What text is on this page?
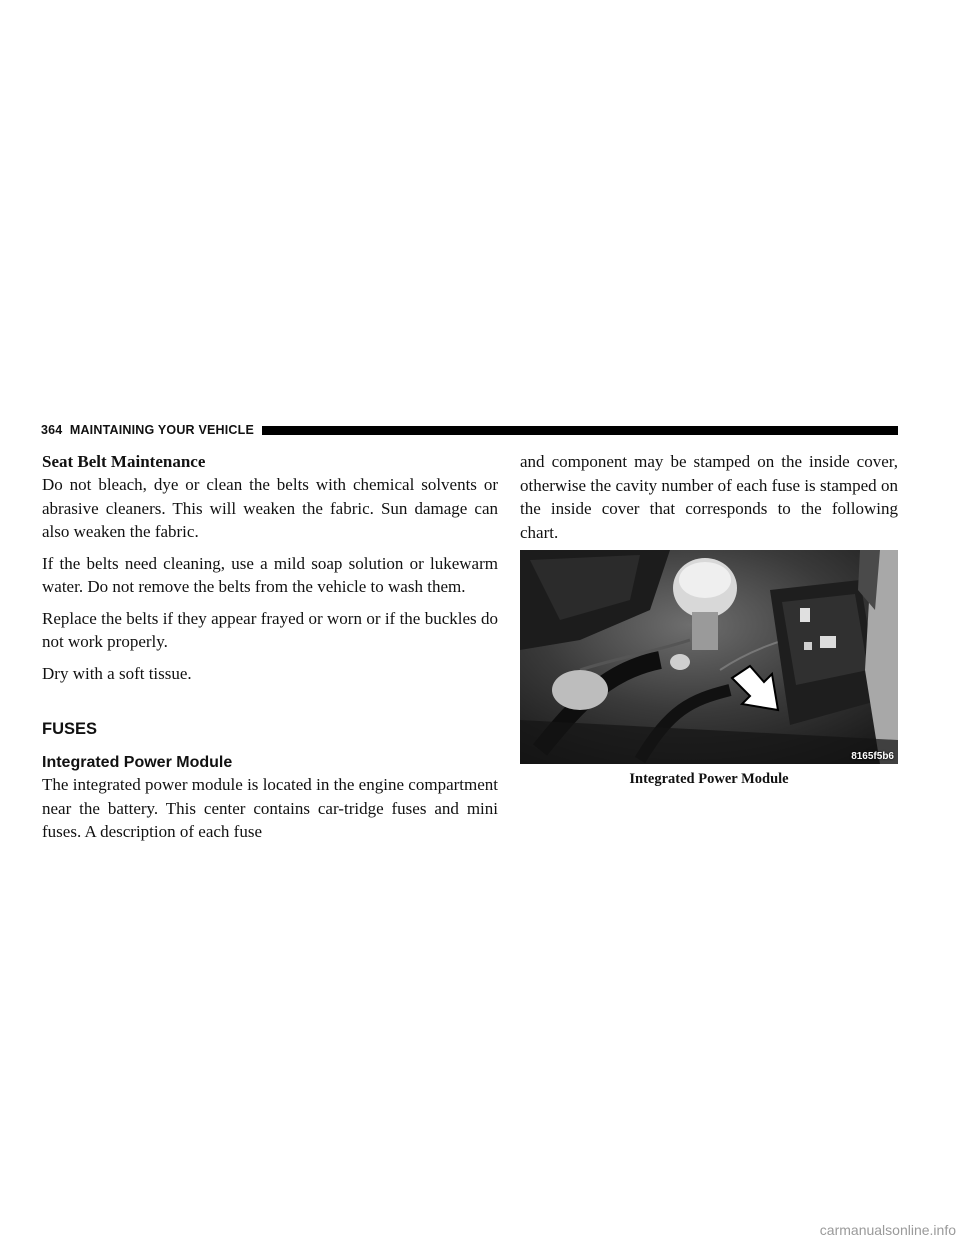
364 MAINTAINING YOUR VEHICLE
Seat Belt Maintenance

Do not bleach, dye or clean the belts with chemical solvents or abrasive cleaners. This will weaken the fabric. Sun damage can also weaken the fabric.

If the belts need cleaning, use a mild soap solution or lukewarm water. Do not remove the belts from the vehicle to wash them.

Replace the belts if they appear frayed or worn or if the buckles do not work properly.

Dry with a soft tissue.

FUSES
Integrated Power Module

The integrated power module is located in the engine compartment near the battery. This center contains car-tridge fuses and mini fuses. A description of each fuse

and component may be stamped on the inside cover, otherwise the cavity number of each fuse is stamped on the inside cover that corresponds to the following chart.

8165f5b6
Integrated Power Module
carmanualsonline.info
